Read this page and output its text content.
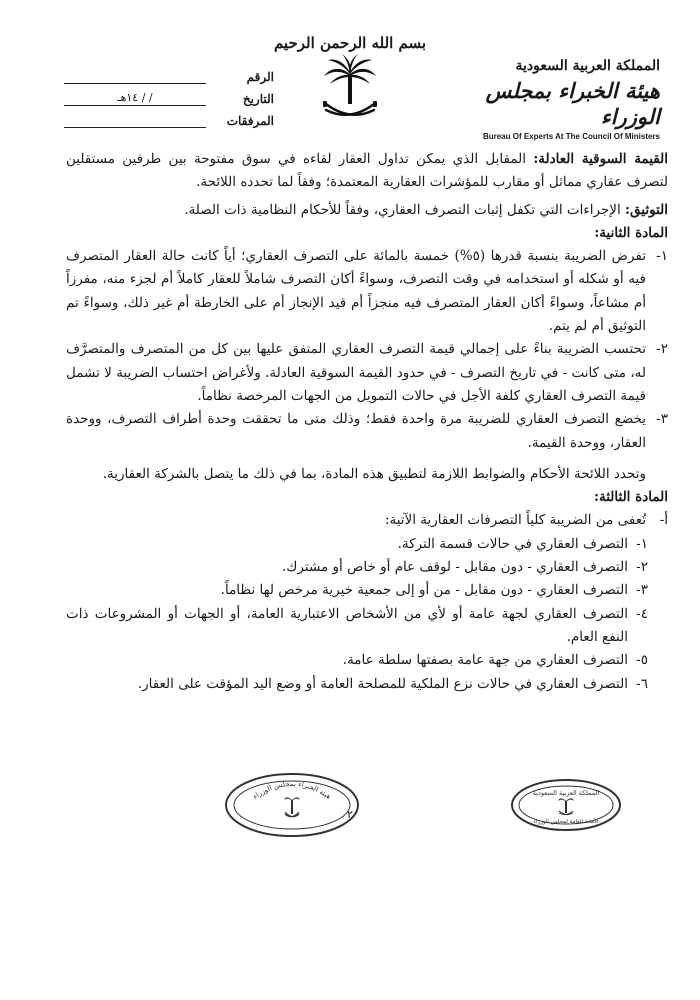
بسم الله الرحمن الرحيم
المملكة العربية السعودية
هيئة الخبراء بمجلس الوزراء
Bureau Of Experts At The Council Of Ministers
الرقم
التاريخ
/ / ١٤هـ
المرفقات

القيمة السوقية العادلة: المقابل الذي يمكن تداول العقار لقاءه في سوق مفتوحة بين طرفين مستقلين لتصرف عقاري مماثل أو مقارب للمؤشرات العقارية المعتمدة؛ وفقاً لما تحدده اللائحة.

التوثيق: الإجراءات التي تكفل إثبات التصرف العقاري، وفقاً للأحكام النظامية ذات الصلة.

المادة الثانية:

١-
تفرض الضريبة بنسبة قدرها (٥%) خمسة بالمائة على التصرف العقاري؛ أياً كانت حالة العقار المتصرف فيه أو شكله أو استخدامه في وقت التصرف، وسواءً أكان التصرف شاملاً للعقار كاملاً أم لجزء منه، مفرزاً أم مشاعاً، وسواءً أكان العقار المتصرف فيه منجزاً أم قيد الإنجاز أم على الخارطة أم غير ذلك، وسواءً تم التوثيق أم لم يتم.
٢-
تحتسب الضريبة بناءً على إجمالي قيمة التصرف العقاري المتفق عليها بين كل من المتصرف والمتصرَّف له، متى كانت - في تاريخ التصرف - في حدود القيمة السوقية العادلة. ولأغراض احتساب الضريبة لا تشمل قيمة التصرف العقاري كلفة الأجل في حالات التمويل من الجهات المرخصة نظاماً.
٣-
يخضع التصرف العقاري للضريبة مرة واحدة فقط؛ وذلك متى ما تحققت وحدة أطراف التصرف، ووحدة العقار، ووحدة القيمة.

وتحدد اللائحة الأحكام والضوابط اللازمة لتطبيق هذه المادة، بما في ذلك ما يتصل بالشركة العقارية.

المادة الثالثة:

أ-
تُعفى من الضريبة كلياً التصرفات العقارية الآتية:
١-
التصرف العقاري في حالات قسمة التركة.
٢-
التصرف العقاري - دون مقابل - لوقف عام أو خاص أو مشترك.
٣-
التصرف العقاري - دون مقابل - من أو إلى جمعية خيرية مرخص لها نظاماً.
٤-
التصرف العقاري لجهة عامة أو لأي من الأشخاص الاعتبارية العامة، أو الجهات أو المشروعات ذات النفع العام.
٥-
التصرف العقاري من جهة عامة بصفتها سلطة عامة.
٦-
التصرف العقاري في حالات نزع الملكية للمصلحة العامة أو وضع اليد المؤقت على العقار.
هيئة الخبراء بمجلس الوزراء
٢
المملكة العربية السعودية
الأمانة العامة لمجلس الوزراء
